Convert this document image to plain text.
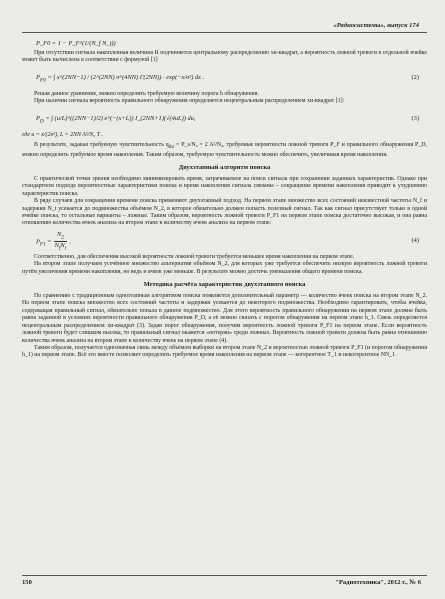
«Радиосистемы», выпуск 174

P_F0 = 1 − P_F^(1/(N_f N_t))

При отсутствии сигнала накопленная величина R подчиняется центральному распределению хи-квадрат, а вероятность ложной тревоги в отдельной ячейке может быть вычислена в соответствии с формулой [1]

$P_{F0}$ = ∫ x^(2NN−1) / (2^(2NN) σ^(4NN) Γ(2NN)) · exp(−x/σ²) dx .	(2)

Решая данное уравнение, можно определить требуемую величину порога h обнаружения.

При наличии сигнала вероятность правильного обнаружения определяется нецентральным распределением хи-квадрат [1]:

$P_D$ = ∫ (u/L)^((2NN−1)/2) e^(−(x+L)) I_(2NN+1)(√(4uL)) du,	(3)

где u = x/(2σ²), L = 2NN A²/N₀ T .

В результате, задавая требуемую чувствительность $q_{thr}$ = P_s/N₀ = 2 A²/N₀, требуемые вероятности ложной тревоги P_F и правильного обнаружения P_D, можно определить требуемое время накопления. Таким образом, требуемую чувствительность можно обеспечить, увеличивая время накопления.

Двухэтапный алгоритм поиска

С практической точки зрения необходимо минимизировать время, затрачиваемое на поиск сигнала при сохранении заданных характеристик. Однако при стандартном подходе вероятностные характеристики поиска и время накопления сигнала связаны – сокращение времени накопления приводит к ухудшению характеристик поиска.

В ряде случаев для сокращения времени поиска применяют двухэтапный подход. На первом этапе множество всех состояний неизвестной частоты N_f и задержки N_t усекается до подмножества объёмом N_2, в которое обязательно должен попасть полезный сигнал. Так как сигнал присутствует только в одной ячейке поиска, то остальные варианты – ложные. Таким образом, вероятность ложной тревоги P_F1 на первом этапе поиска достаточно высокая, и она равна отношению количества ячеек анализа на втором этапе к количеству ячеек анализа на первом этапе:

$P_{F1} = \frac{N_2}{N_fN_t}$ .	(4)

Соответственно, для обеспечения высокой вероятности ложной тревоги требуется меньшее время накопления на первом этапе.

На втором этапе получаем усечённое множество альтернатив объёмом N_2, для которых уже требуется обеспечить низкую вероятность ложной тревоги путём увеличения времени накопления, но ведь и ячеек уже меньше. В результате можно достичь уменьшения общего времени поиска.

Методика расчёта характеристик двухэтапного поиска

По сравнению с традиционным одноэтапным алгоритмом поиска появляется дополнительный параметр — количество ячеек поиска на втором этапе N_2. На первом этапе поиска множество всех состояний частоты и задержки усекается до некоторого подмножества. Необходимо гарантировать, чтобы ячейка, содержащая правильный сигнал, обязательно попала в данное подмножество. Для этого вероятность правильного обнаружения на первом этапе должна быть равна заданной в условиях вероятности правильного обнаружения P_D, а её можно связать с порогом обнаружения на первом этапе h_1. Связь определяется нецентральным распределением хи-квадрат (3). Задав порог обнаружения, получим вероятность ложной тревоги P_F1 на первом этапе. Если вероятность ложной тревоги будет слишком высока, то правильный сигнал окажется «потерян» среди ложных. Вероятность ложной тревоги должна быть равна отношению количества ячеек анализа на втором этапе к количеству ячеек на первом этапе (4).

Таким образом, получается однозначная связь между объёмом выборки на втором этапе N_2 и вероятностью ложной тревоги P_F1 (и порогом обнаружения h_1) на первом этапе. Всё это вместе позволяет определить требуемое время накопления на первом этапе — когерентное T_1 и некогерентное NN_1.

150	"Радиотехника", 2012 г., № 6
